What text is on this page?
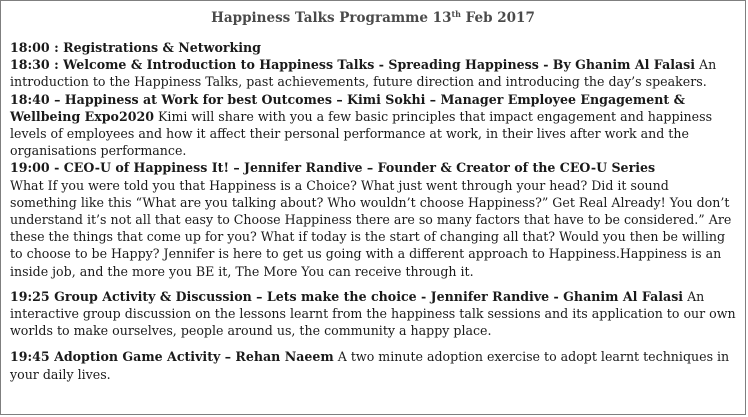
Happiness Talks Programme 13th Feb 2017

18:00 : Registrations & Networking

18:30 : Welcome & Introduction to Happiness Talks - Spreading Happiness - By Ghanim Al Falasi An introduction to the Happiness Talks, past achievements, future direction and introducing the day’s speakers.

18:40 – Happiness at Work for best Outcomes – Kimi Sokhi – Manager Employee Engagement & Wellbeing Expo2020 Kimi will share with you a few basic principles that impact engagement and happiness levels of employees and how it affect their personal performance at work, in their lives after work and the organisations performance.

19:00 - CEO-U of Happiness It! – Jennifer Randive – Founder & Creator of the CEO-U Series
What If you were told you that Happiness is a Choice? What just went through your head? Did it sound something like this “What are you talking about? Who wouldn’t choose Happiness?” Get Real Already! You don’t understand it’s not all that easy to Choose Happiness there are so many factors that have to be considered.” Are these the things that come up for you? What if today is the start of changing all that? Would you then be willing to choose to be Happy? Jennifer is here to get us going with a different approach to Happiness.Happiness is an inside job, and the more you BE it, The More You can receive through it.

19:25 Group Activity & Discussion – Lets make the choice - Jennifer Randive - Ghanim Al Falasi An interactive group discussion on the lessons learnt from the happiness talk sessions and its application to our own worlds to make ourselves, people around us, the community a happy place.

19:45 Adoption Game Activity – Rehan Naeem A two minute adoption exercise to adopt learnt techniques in your daily lives.
